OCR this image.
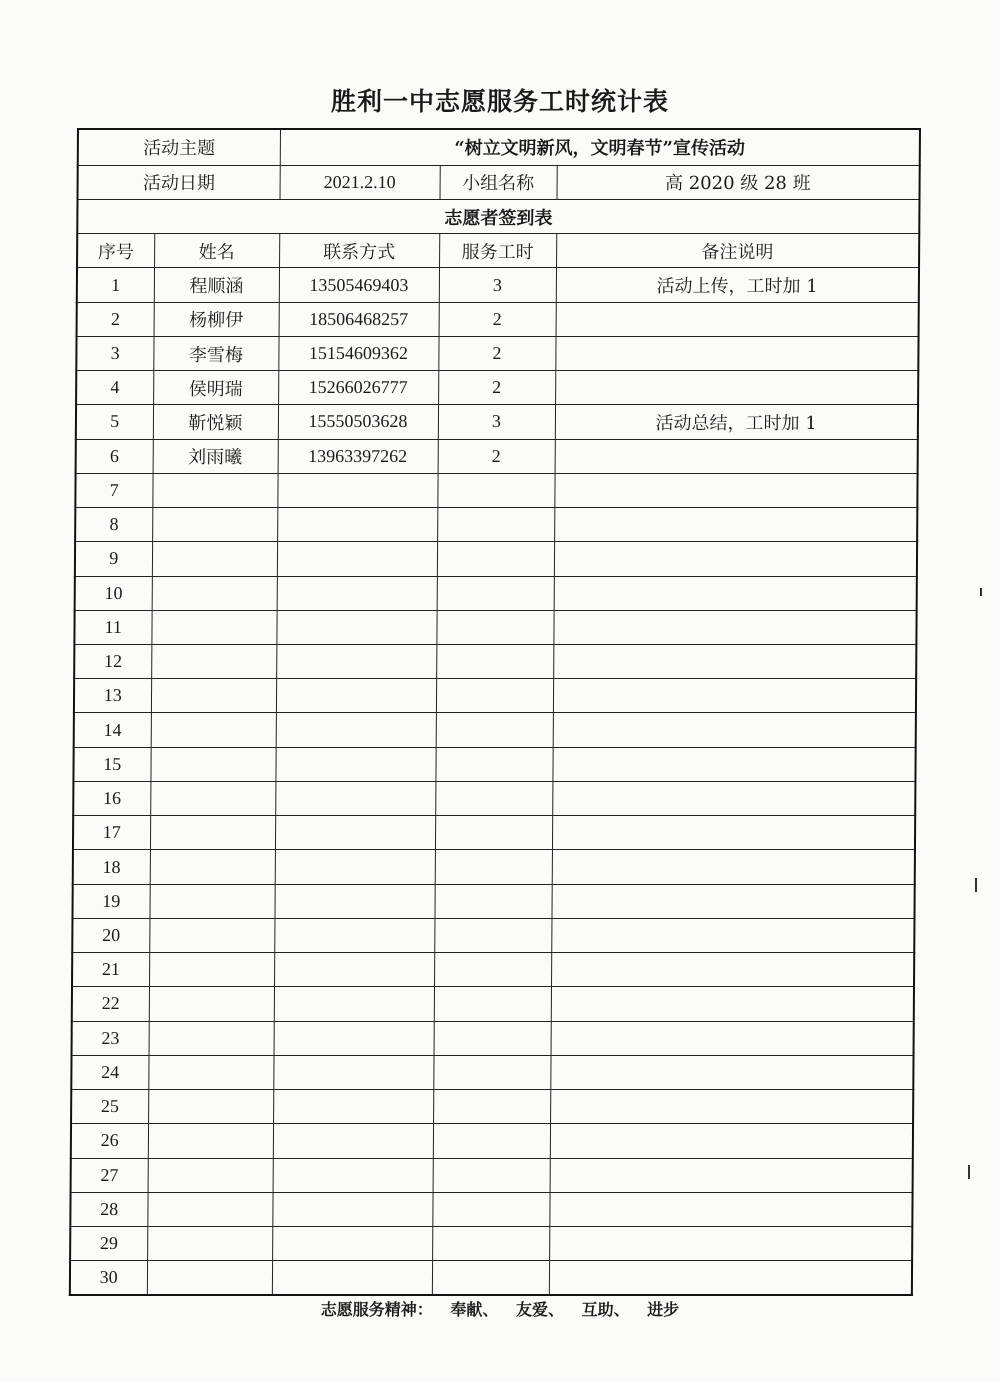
胜利一中志愿服务工时统计表
活动主题		“树立文明新风，文明春节”宣传活动		
活动日期		2021.2.10	小组名称	高 2020 级 28 班
志愿者签到表				
序号	姓名	联系方式	服务工时	备注说明
1	程顺涵	13505469403	3	活动上传，工时加 1
2	杨柳伊	18506468257	2	
3	李雪梅	15154609362	2	
4	侯明瑞	15266026777	2	
5	靳悦颖	15550503628	3	活动总结，工时加 1
6	刘雨曦	13963397262	2	
7				
8				
9				
10				
11				
12				
13				
14				
15				
16				
17				
18				
19				
20				
21				
22				
23				
24				
25				
26				
27				
28				
29				
30				
志愿服务精神： 奉献、 友爱、 互助、 进步
